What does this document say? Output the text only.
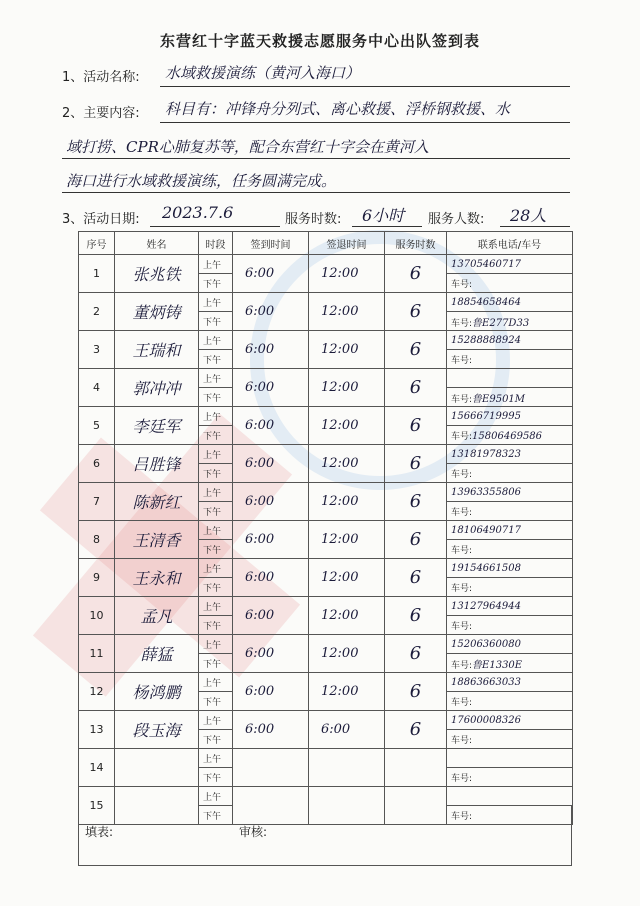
东营红十字蓝天救援志愿服务中心出队签到表
1、活动名称: 水域救援演练（黄河入海口）
2、主要内容: 科目有：冲锋舟分列式、离心救援、浮桥钢救援、水
域打捞、CPR心肺复苏等，配合东营红十字会在黄河入
海口进行水域救援演练，任务圆满完成。
3、活动日期: 2023.7.6	服务时数: 6小时 服务人数: 28人
序号	姓名	时段	签到时间	签退时间	服务时数	联系电话/车号
1	张兆铁	上午	6:00	12:00	6	13705460717
		下午				车号:
2	董炳铸	上午	6:00	12:00	6	18854658464
		下午				车号:鲁E277D33
3	王瑞和	上午	6:00	12:00	6	15288888924
		下午				车号:
4	郭冲冲	上午	6:00	12:00	6	
		下午				车号:鲁E9501M
5	李廷军	上午	6:00	12:00	6	15666719995
		下午				车号:15806469586
6	吕胜锋	上午	6:00	12:00	6	13181978323
		下午				车号:
7	陈新红	上午	6:00	12:00	6	13963355806
		下午				车号:
8	王清香	上午	6:00	12:00	6	18106490717
		下午				车号:
9	王永和	上午	6:00	12:00	6	19154661508
		下午				车号:
10	孟凡	上午	6:00	12:00	6	13127964944
		下午				车号:
11	薛猛	上午	6:00	12:00	6	15206360080
		下午				车号:鲁E1330E
12	杨鸿鹏	上午	6:00	12:00	6	18863663033
		下午				车号:
13	段玉海	上午	6:00	6:00	6	17600008326
		下午				车号:
14		上午				
		下午				车号:
15		上午				
		下午				车号:
填表:	审核:
